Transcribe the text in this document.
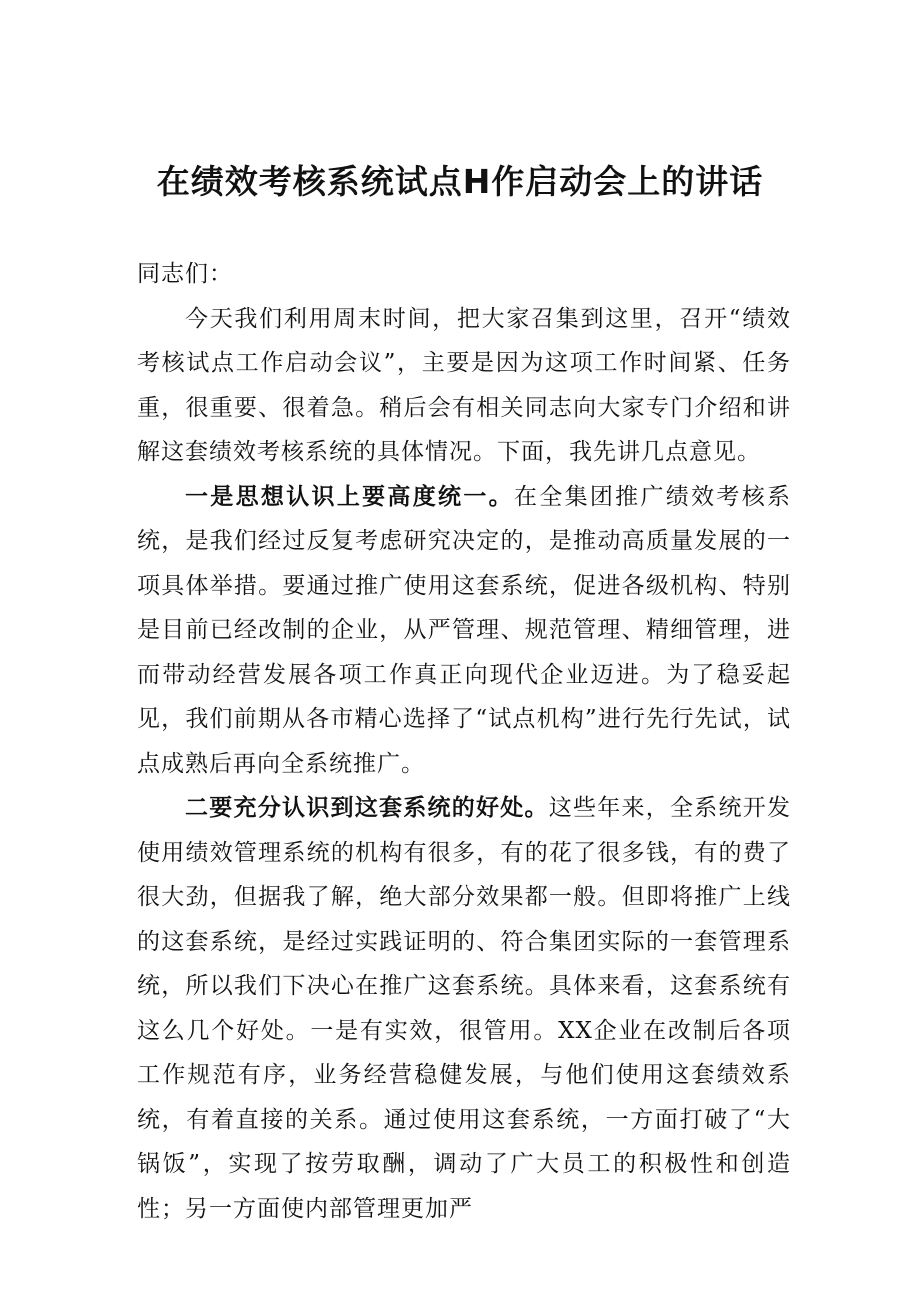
在绩效考核系统试点H作启动会上的讲话

同志们：

今天我们利用周末时间，把大家召集到这里，召开“绩效考核试点工作启动会议”，主要是因为这项工作时间紧、任务重，很重要、很着急。稍后会有相关同志向大家专门介绍和讲解这套绩效考核系统的具体情况。下面，我先讲几点意见。

一是思想认识上要高度统一。在全集团推广绩效考核系统，是我们经过反复考虑研究决定的，是推动高质量发展的一项具体举措。要通过推广使用这套系统，促进各级机构、特别是目前已经改制的企业，从严管理、规范管理、精细管理，进而带动经营发展各项工作真正向现代企业迈进。为了稳妥起见，我们前期从各市精心选择了“试点机构”进行先行先试，试点成熟后再向全系统推广。

二要充分认识到这套系统的好处。这些年来，全系统开发使用绩效管理系统的机构有很多，有的花了很多钱，有的费了很大劲，但据我了解，绝大部分效果都一般。但即将推广上线的这套系统，是经过实践证明的、符合集团实际的一套管理系统，所以我们下决心在推广这套系统。具体来看，这套系统有这么几个好处。一是有实效，很管用。XX企业在改制后各项工作规范有序，业务经营稳健发展，与他们使用这套绩效系统，有着直接的关系。通过使用这套系统，一方面打破了“大锅饭”，实现了按劳取酬，调动了广大员工的积极性和创造性；另一方面使内部管理更加严
